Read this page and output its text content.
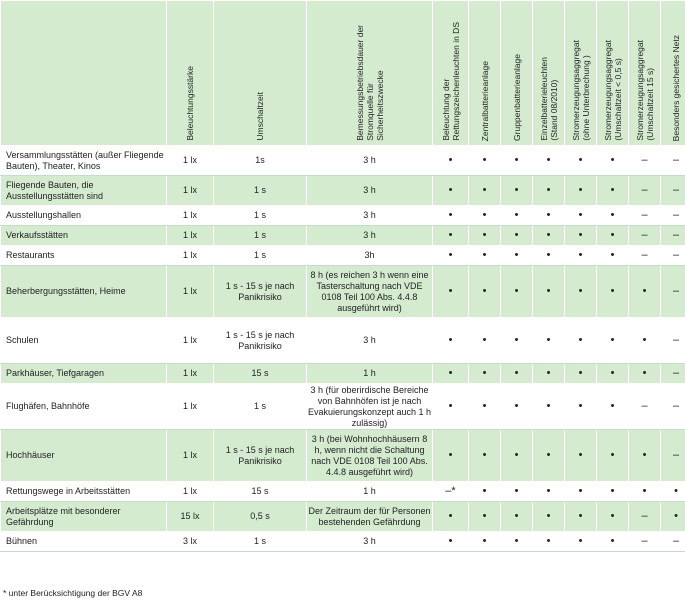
	Beleuchtungsstärke	Umschaltzeit	Bemessungsbetriebsdauer der
Stromquelle für
Sicherheitszwecke	Beleuchtung der
Rettungszeichenleuchten in DS	Zentralbatterieanlage	Gruppenbatterieanlage	Einzelbatterieleuchten
(Stand 08/2010)	Stromerzeugungsaggregat
(ohne Unterbrechung )	Stromerzeugungsaggregat
(Umschaltzeit < 0,5 s)	Stromerzeugungsaggregat
(Umschaltzeit 15 s)	Besonders gesichertes Netz

Versammlungsstätten (außer Fliegende Bauten), Theater, Kinos	1 lx	1s	3 h	•	•	•	•	•	•	–	–
Fliegende Bauten, die Ausstellungsstätten sind	1 lx	1 s	3 h	•	•	•	•	•	•	–	–
Ausstellungshallen	1 lx	1 s	3 h	•	•	•	•	•	•	–	–
Verkaufsstätten	1 lx	1 s	3 h	•	•	•	•	•	•	–	–
Restaurants	1 lx	1 s	3h	•	•	•	•	•	•	–	–
Beherbergungsstätten, Heime	1 lx	1 s - 15 s je nach Panikrisiko	8 h (es reichen 3 h wenn eine Tasterschaltung nach VDE 0108 Teil 100 Abs. 4.4.8 ausgeführt wird)	•	•	•	•	•	•	•	–
Schulen	1 lx	1 s - 15 s je nach Panikrisiko	3 h	•	•	•	•	•	•	•	–
Parkhäuser, Tiefgaragen	1 lx	15 s	1 h	•	•	•	•	•	•	•	–
Flughäfen, Bahnhöfe	1 lx	1 s	3 h (für oberirdische Bereiche von Bahnhöfen ist je nach Evakuierungskonzept auch 1 h zulässig)	•	•	•	•	•	•	–	–
Hochhäuser	1 lx	1 s - 15 s je nach Panikrisiko	3 h (bei Wohnhochhäusern 8 h, wenn nicht die Schaltung nach VDE 0108 Teil 100 Abs. 4.4.8 ausgeführt wird)	•	•	•	•	•	•	•	–
Rettungswege in Arbeitsstätten	1 lx	15 s	1 h	–*	•	•	•	•	•	•	•
Arbeitsplätze mit besonderer Gefährdung	15 lx	0,5 s	Der Zeitraum der für Personen bestehenden Gefährdung	•	•	•	•	•	•	–	•
Bühnen	3 lx	1 s	3 h	•	•	•	•	•	•	–	–
* unter Berücksichtigung der BGV A8
